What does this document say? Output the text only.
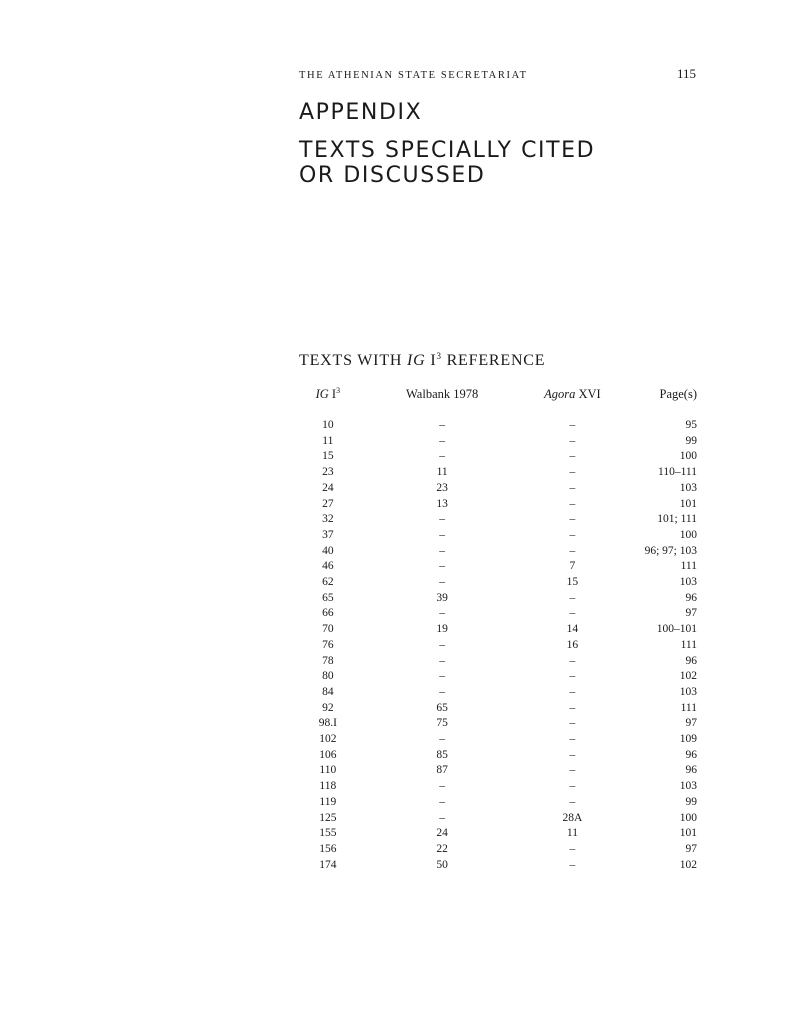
THE ATHENIAN STATE SECRETARIAT	115
APPENDIX
TEXTS SPECIALLY CITED
OR DISCUSSED
TEXTS WITH IG $I^3$ REFERENCE
IG $I^3$	Walbank 1978	Agora XVI	Page(s)
10	–	–	95
11	–	–	99
15	–	–	100
23	11	–	110–111
24	23	–	103
27	13	–	101
32	–	–	101; 111
37	–	–	100
40	–	–	96; 97; 103
46	–	7	111
62	–	15	103
65	39	–	96
66	–	–	97
70	19	14	100–101
76	–	16	111
78	–	–	96
80	–	–	102
84	–	–	103
92	65	–	111
98.I	75	–	97
102	–	–	109
106	85	–	96
110	87	–	96
118	–	–	103
119	–	–	99
125	–	28A	100
155	24	11	101
156	22	–	97
174	50	–	102
